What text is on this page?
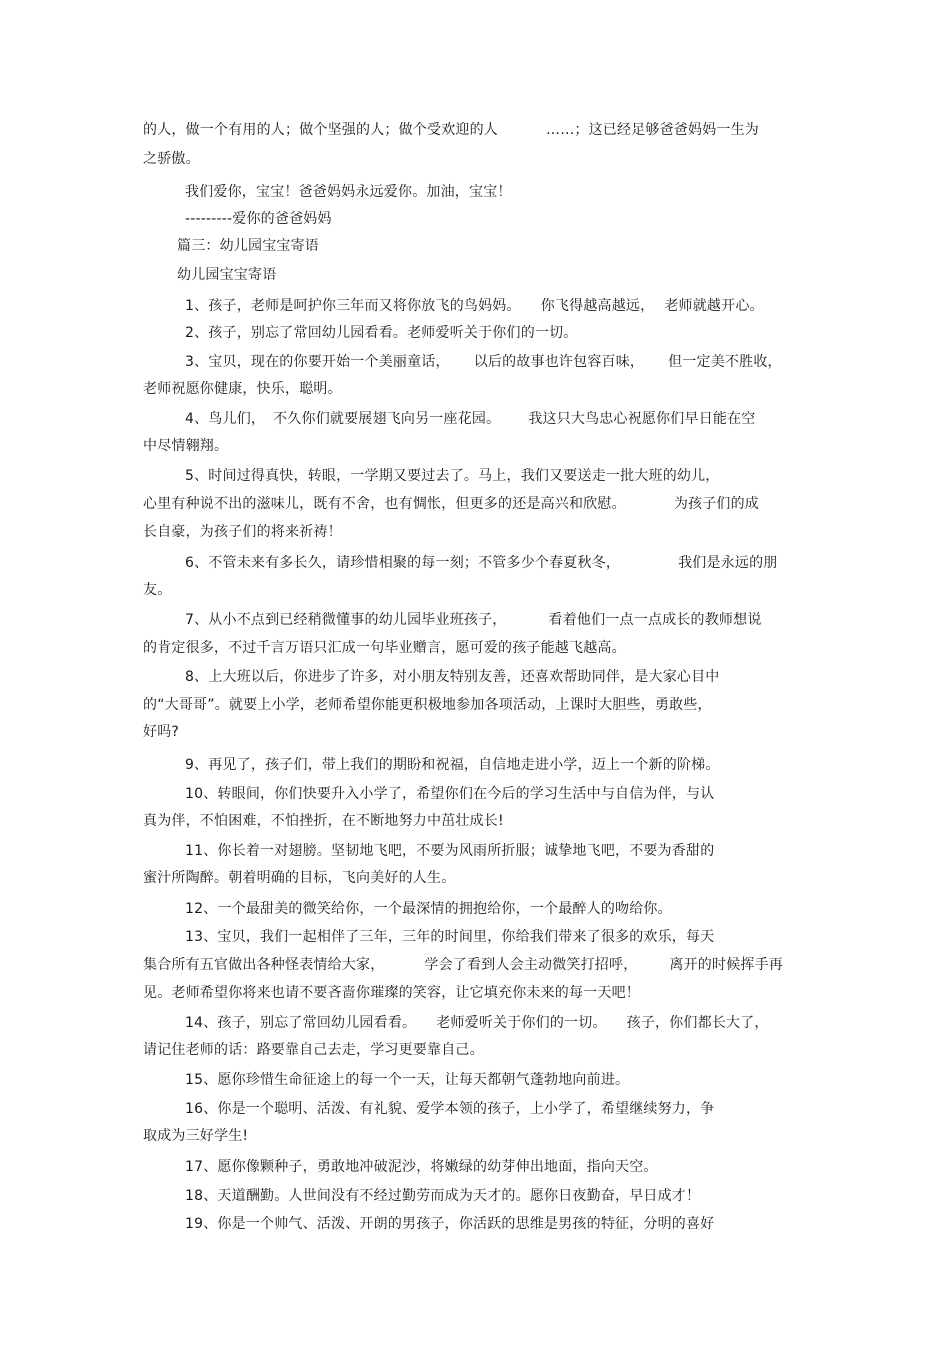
的人，做一个有用的人；做个坚强的人；做个受欢迎的人	……；这已经足够爸爸妈妈一生为
之骄傲。
我们爱你，宝宝！爸爸妈妈永远爱你。加油，宝宝！
---------爱你的爸爸妈妈
篇三：幼儿园宝宝寄语
幼儿园宝宝寄语
1、孩子，老师是呵护你三年而又将你放飞的鸟妈妈。 你飞得越高越远， 老师就越开心。
2、孩子，别忘了常回幼儿园看看。老师爱听关于你们的一切。
3、宝贝，现在的你要开始一个美丽童话， 以后的故事也许包容百味， 但一定美不胜收，
老师祝愿你健康，快乐，聪明。
4、鸟儿们， 不久你们就要展翅飞向另一座花园。 我这只大鸟忠心祝愿你们早日能在空
中尽情翱翔。
5、时间过得真快，转眼，一学期又要过去了。马上，我们又要送走一批大班的幼儿，
心里有种说不出的滋味儿，既有不舍，也有惆怅，但更多的还是高兴和欣慰。	为孩子们的成
长自豪，为孩子们的将来祈祷！
6、不管未来有多长久，请珍惜相聚的每一刻；不管多少个春夏秋冬，	我们是永远的朋
友。
7、从小不点到已经稍微懂事的幼儿园毕业班孩子，	看着他们一点一点成长的教师想说
的肯定很多，不过千言万语只汇成一句毕业赠言，愿可爱的孩子能越飞越高。
8、上大班以后，你进步了许多，对小朋友特别友善，还喜欢帮助同伴，是大家心目中
的“大哥哥”。就要上小学，老师希望你能更积极地参加各项活动，上课时大胆些，勇敢些，
好吗?
9、再见了，孩子们，带上我们的期盼和祝福，自信地走进小学，迈上一个新的阶梯。
10、转眼间，你们快要升入小学了，希望你们在今后的学习生活中与自信为伴，与认
真为伴，不怕困难，不怕挫折，在不断地努力中茁壮成长!
11、你长着一对翅膀。坚韧地飞吧，不要为风雨所折服；诚挚地飞吧，不要为香甜的
蜜汁所陶醉。朝着明确的目标，飞向美好的人生。
12、一个最甜美的微笑给你，一个最深情的拥抱给你，一个最醉人的吻给你。
13、宝贝，我们一起相伴了三年，三年的时间里，你给我们带来了很多的欢乐，每天
集合所有五官做出各种怪表情给大家，	学会了看到人会主动微笑打招呼， 离开的时候挥手再
见。老师希望你将来也请不要吝啬你璀璨的笑容，让它填充你未来的每一天吧！
14、孩子，别忘了常回幼儿园看看。 老师爱听关于你们的一切。 孩子，你们都长大了，
请记住老师的话：路要靠自己去走，学习更要靠自己。
15、愿你珍惜生命征途上的每一个一天，让每天都朝气蓬勃地向前进。
16、你是一个聪明、活泼、有礼貌、爱学本领的孩子，上小学了，希望继续努力，争
取成为三好学生!
17、愿你像颗种子，勇敢地冲破泥沙，将嫩绿的幼芽伸出地面，指向天空。
18、天道酬勤。人世间没有不经过勤劳而成为天才的。愿你日夜勤奋，早日成才！
19、你是一个帅气、活泼、开朗的男孩子，你活跃的思维是男孩的特征，分明的喜好
